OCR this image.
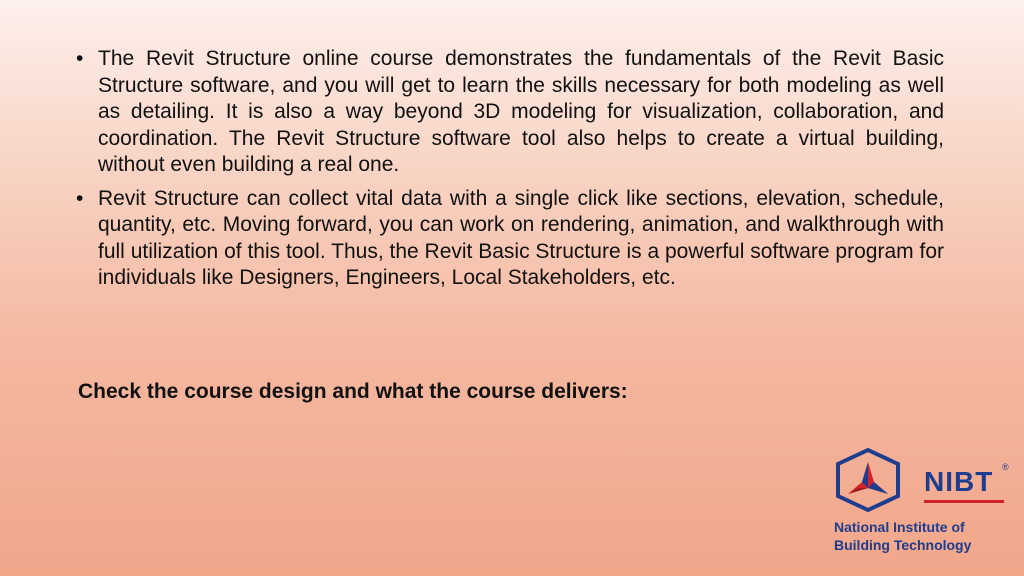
• The Revit Structure online course demonstrates the fundamentals of the Revit Basic Structure software, and you will get to learn the skills necessary for both modeling as well as detailing. It is also a way beyond 3D modeling for visualization, collaboration, and coordination. The Revit Structure software tool also helps to create a virtual building, without even building a real one.
• Revit Structure can collect vital data with a single click like sections, elevation, schedule, quantity, etc. Moving forward, you can work on rendering, animation, and walkthrough with full utilization of this tool. Thus, the Revit Basic Structure is a powerful software program for individuals like Designers, Engineers, Local Stakeholders, etc.
Check the course design and what the course delivers:
NIBT ®
National Institute of
Building Technology
